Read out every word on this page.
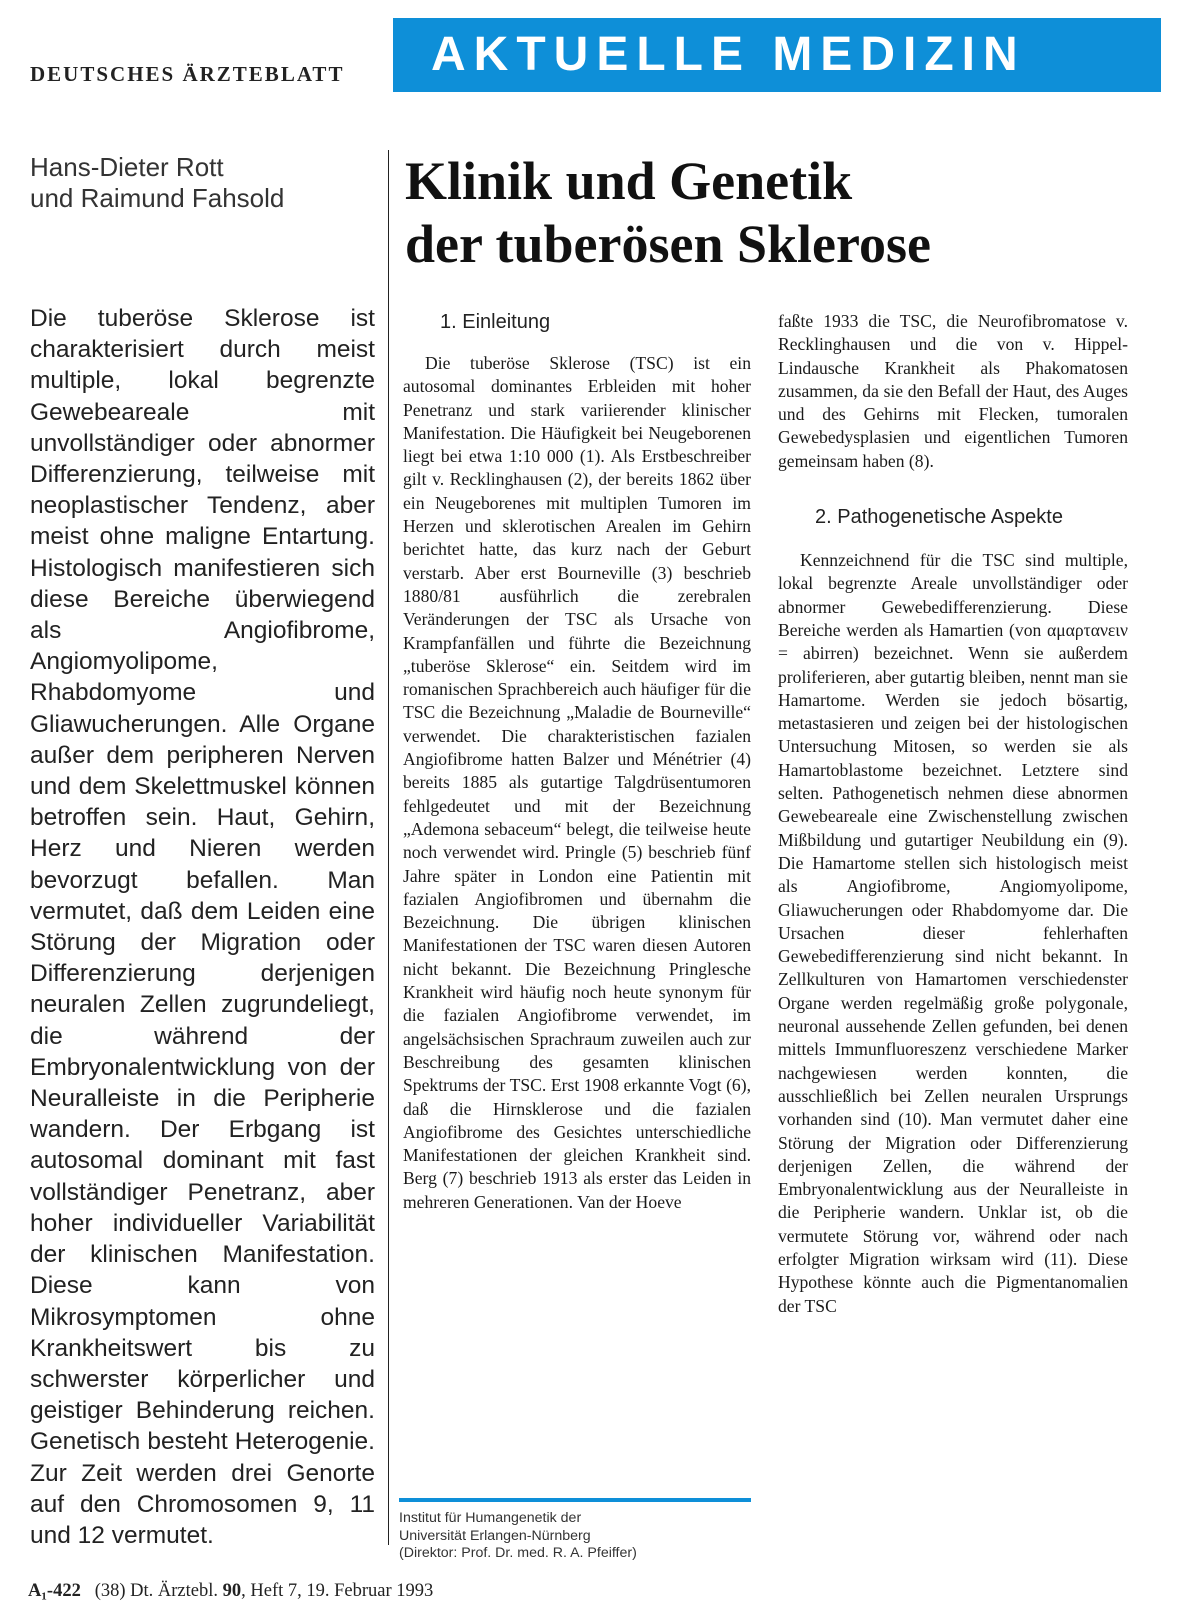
DEUTSCHES ÄRZTEBLATT	AKTUELLE MEDIZIN
Hans-Dieter Rott
und Raimund Fahsold Klinik und Genetik
der tuberösen Sklerose
Die tuberöse Sklerose ist charakterisiert durch meist multiple, lokal begrenzte Gewebeareale mit unvollständiger oder abnormer Differenzierung, teilweise mit neoplastischer Tendenz, aber meist ohne maligne Entartung. Histologisch manifestieren sich diese Bereiche überwiegend als Angiofibrome, Angiomyolipome, Rhabdomyome und Gliawucherungen. Alle Organe außer dem peripheren Nerven und dem Skelettmuskel können betroffen sein. Haut, Gehirn, Herz und Nieren werden bevorzugt befallen. Man vermutet, daß dem Leiden eine Störung der Migration oder Differenzierung derjenigen neuralen Zellen zugrundeliegt, die während der Embryonalentwicklung von der Neuralleiste in die Peripherie wandern. Der Erbgang ist autosomal dominant mit fast vollständiger Penetranz, aber hoher individueller Variabilität der klinischen Manifestation. Diese kann von Mikrosymptomen ohne Krankheitswert bis zu schwerster körperlicher und geistiger Behinderung reichen. Genetisch besteht Heterogenie. Zur Zeit werden drei Genorte auf den Chromosomen 9, 11 und 12 vermutet.
1. Einleitung

Die tuberöse Sklerose (TSC) ist ein autosomal dominantes Erbleiden mit hoher Penetranz und stark variierender klinischer Manifestation. Die Häufigkeit bei Neugeborenen liegt bei etwa 1:10 000 (1). Als Erstbeschreiber gilt v. Recklinghausen (2), der bereits 1862 über ein Neugeborenes mit multiplen Tumoren im Herzen und sklerotischen Arealen im Gehirn berichtet hatte, das kurz nach der Geburt verstarb. Aber erst Bourneville (3) beschrieb 1880/81 ausführlich die zerebralen Veränderungen der TSC als Ursache von Krampfanfällen und führte die Bezeichnung „tuberöse Sklerose“ ein. Seitdem wird im romanischen Sprachbereich auch häufiger für die TSC die Bezeichnung „Maladie de Bourneville“ verwendet. Die charakteristischen fazialen Angiofibrome hatten Balzer und Ménétrier (4) bereits 1885 als gutartige Talgdrüsentumoren fehlgedeutet und mit der Bezeichnung „Ademona sebaceum“ belegt, die teilweise heute noch verwendet wird. Pringle (5) beschrieb fünf Jahre später in London eine Patientin mit fazialen Angiofibromen und übernahm die Bezeichnung. Die übrigen klinischen Manifestationen der TSC waren diesen Autoren nicht bekannt. Die Bezeichnung Pringlesche Krankheit wird häufig noch heute synonym für die fazialen Angiofibrome verwendet, im angelsächsischen Sprachraum zuweilen auch zur Beschreibung des gesamten klinischen Spektrums der TSC. Erst 1908 erkannte Vogt (6), daß die Hirnsklerose und die fazialen Angiofibrome des Gesichtes unterschiedliche Manifestationen der gleichen Krankheit sind. Berg (7) beschrieb 1913 als erster das Leiden in mehreren Generationen. Van der Hoeve

faßte 1933 die TSC, die Neurofibromatose v. Recklinghausen und die von v. Hippel-Lindausche Krankheit als Phakomatosen zusammen, da sie den Befall der Haut, des Auges und des Gehirns mit Flecken, tumoralen Gewebedysplasien und eigentlichen Tumoren gemeinsam haben (8).

2. Pathogenetische Aspekte

Kennzeichnend für die TSC sind multiple, lokal begrenzte Areale unvollständiger oder abnormer Gewebedifferenzierung. Diese Bereiche werden als Hamartien (von αμαρτανειν = abirren) bezeichnet. Wenn sie außerdem proliferieren, aber gutartig bleiben, nennt man sie Hamartome. Werden sie jedoch bösartig, metastasieren und zeigen bei der histologischen Untersuchung Mitosen, so werden sie als Hamartoblastome bezeichnet. Letztere sind selten. Pathogenetisch nehmen diese abnormen Gewebeareale eine Zwischenstellung zwischen Mißbildung und gutartiger Neubildung ein (9). Die Hamartome stellen sich histologisch meist als Angiofibrome, Angiomyolipome, Gliawucherungen oder Rhabdomyome dar. Die Ursachen dieser fehlerhaften Gewebedifferenzierung sind nicht bekannt. In Zellkulturen von Hamartomen verschiedenster Organe werden regelmäßig große polygonale, neuronal aussehende Zellen gefunden, bei denen mittels Immunfluoreszenz verschiedene Marker nachgewiesen werden konnten, die ausschließlich bei Zellen neuralen Ursprungs vorhanden sind (10). Man vermutet daher eine Störung der Migration oder Differenzierung derjenigen Zellen, die während der Embryonalentwicklung aus der Neuralleiste in die Peripherie wandern. Unklar ist, ob die vermutete Störung vor, während oder nach erfolgter Migration wirksam wird (11). Diese Hypothese könnte auch die Pigmentanomalien der TSC

Institut für Humangenetik der
Universität Erlangen-Nürnberg
(Direktor: Prof. Dr. med. R. A. Pfeiffer)
A₁-422 (38) Dt. Ärztebl. 90, Heft 7, 19. Februar 1993
